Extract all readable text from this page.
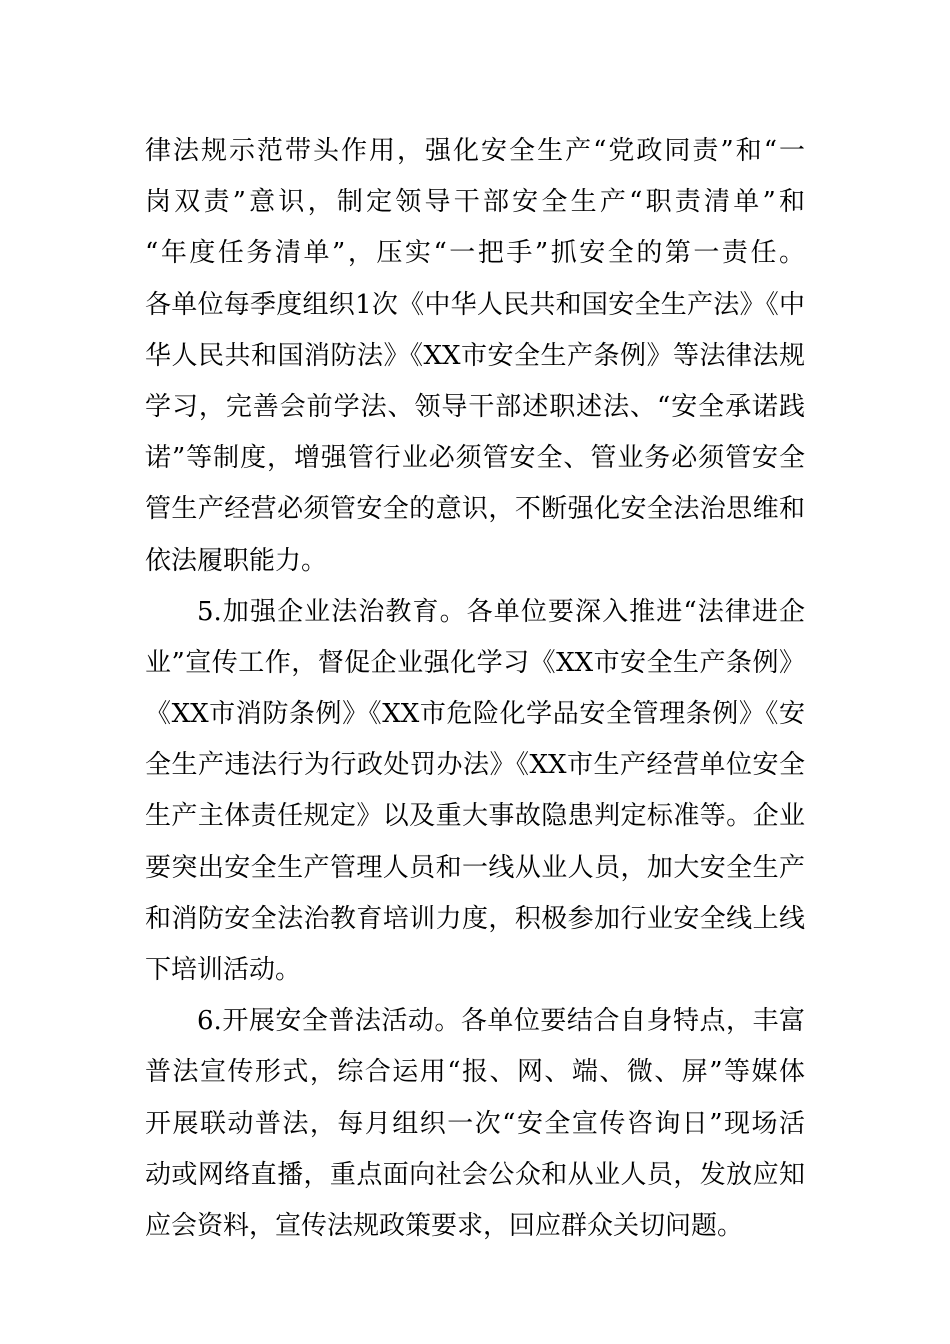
律法规示范带头作用，强化安全生产“党政同责”和“一
岗双责”意识，制定领导干部安全生产“职责清单”和
“年度任务清单”，压实“一把手”抓安全的第一责任。
各单位每季度组织1次《中华人民共和国安全生产法》《中
华人民共和国消防法》《XX市安全生产条例》等法律法规
学习，完善会前学法、领导干部述职述法、“安全承诺践
诺”等制度，增强管行业必须管安全、管业务必须管安全
管生产经营必须管安全的意识，不断强化安全法治思维和
依法履职能力。
5.加强企业法治教育。各单位要深入推进“法律进企
业”宣传工作，督促企业强化学习《XX市安全生产条例》
《XX市消防条例》《XX市危险化学品安全管理条例》《安
全生产违法行为行政处罚办法》《XX市生产经营单位安全
生产主体责任规定》以及重大事故隐患判定标准等。企业
要突出安全生产管理人员和一线从业人员，加大安全生产
和消防安全法治教育培训力度，积极参加行业安全线上线
下培训活动。
6.开展安全普法活动。各单位要结合自身特点，丰富
普法宣传形式，综合运用“报、网、端、微、屏”等媒体
开展联动普法，每月组织一次“安全宣传咨询日”现场活
动或网络直播，重点面向社会公众和从业人员，发放应知
应会资料，宣传法规政策要求，回应群众关切问题。
